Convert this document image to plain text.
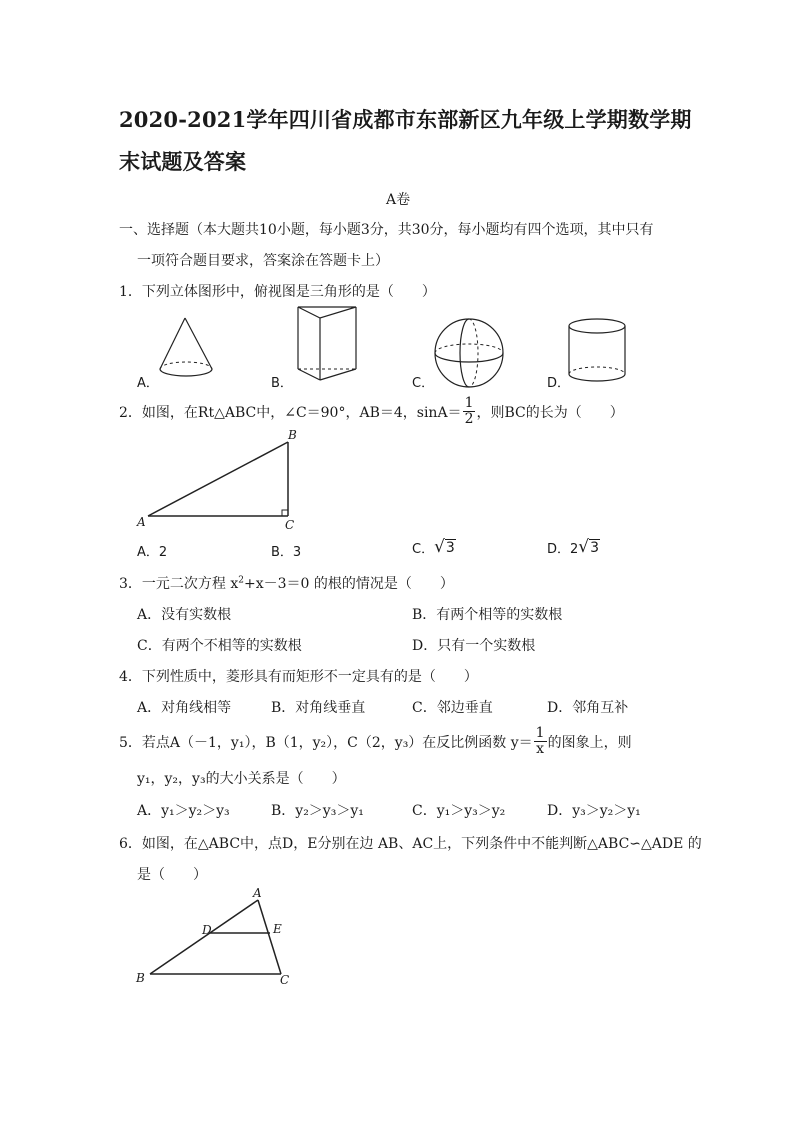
2020-2021学年四川省成都市东部新区九年级上学期数学期
末试题及答案
A卷
一、选择题（本大题共10小题，每小题3分，共30分，每小题均有四个选项，其中只有
一项符合题目要求，答案涂在答题卡上）
1．下列立体图形中，俯视图是三角形的是（　　）
A．	B．	C．	D．
2．如图，在Rt△ABC中，∠C＝90°，AB＝4，$\sin A= \frac{1}{2}$ ，则BC的长为（　　）
A
B
C
A．2	B．3	C． √3	D．2 √3
3．一元二次方程 $x^2+x-3=0$ 的根的情况是（　　）
A．没有实数根	B．有两个相等的实数根
C．有两个不相等的实数根	D．只有一个实数根
4．下列性质中，菱形具有而矩形不一定具有的是（　　）
A．对角线相等	B．对角线垂直	C．邻边垂直	D．邻角互补
5．若点A（－1，y₁），B（1，y₂），C（2，y₃）在反比例函数 $y= \frac{1}{x}$ 的图象上，则
y₁，y₂，y₃的大小关系是（　　）
A．y₁＞y₂＞y₃	B．y₂＞y₃＞y₁	C．y₁＞y₃＞y₂	D．y₃＞y₂＞y₁
6．如图，在△ABC中，点D，E分别在边 AB、AC上，下列条件中不能判断△ABC∽△ADE 的
是（　　）
A
B	C
D	E
